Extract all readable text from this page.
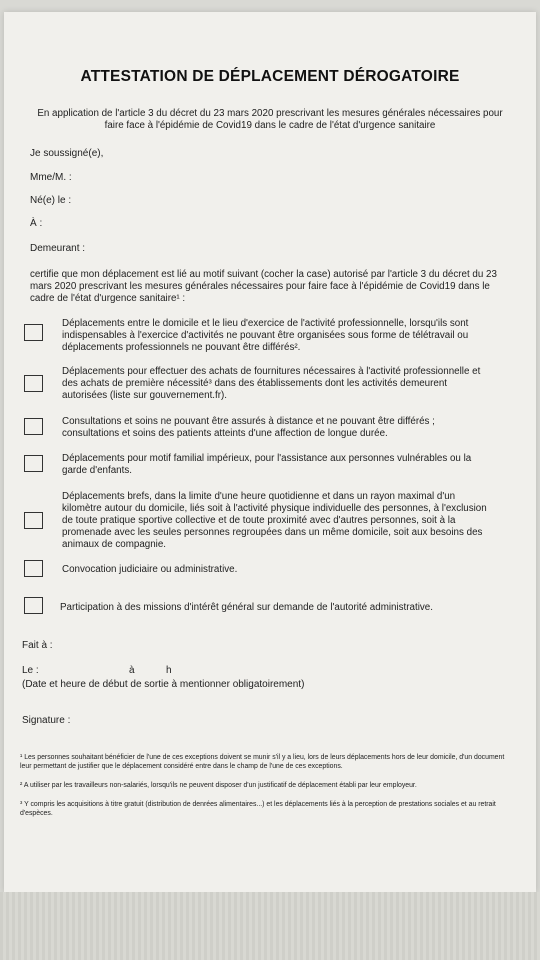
ATTESTATION DE DÉPLACEMENT DÉROGATOIRE
En application de l'article 3 du décret du 23 mars 2020 prescrivant les mesures générales nécessaires pour faire face à l'épidémie de Covid19 dans le cadre de l'état d'urgence sanitaire
Je soussigné(e),
Mme/M. :
Né(e) le :
À :
Demeurant :
certifie que mon déplacement est lié au motif suivant (cocher la case) autorisé par l'article 3 du décret du 23 mars 2020 prescrivant les mesures générales nécessaires pour faire face à l'épidémie de Covid19 dans le cadre de l'état d'urgence sanitaire¹ :
Déplacements entre le domicile et le lieu d'exercice de l'activité professionnelle, lorsqu'ils sont indispensables à l'exercice d'activités ne pouvant être organisées sous forme de télétravail ou déplacements professionnels ne pouvant être différés².
Déplacements pour effectuer des achats de fournitures nécessaires à l'activité professionnelle et des achats de première nécessité³ dans des établissements dont les activités demeurent autorisées (liste sur gouvernement.fr).
Consultations et soins ne pouvant être assurés à distance et ne pouvant être différés ; consultations et soins des patients atteints d'une affection de longue durée.
Déplacements pour motif familial impérieux, pour l'assistance aux personnes vulnérables ou la garde d'enfants.
Déplacements brefs, dans la limite d'une heure quotidienne et dans un rayon maximal d'un kilomètre autour du domicile, liés soit à l'activité physique individuelle des personnes, à l'exclusion de toute pratique sportive collective et de toute proximité avec d'autres personnes, soit à la promenade avec les seules personnes regroupées dans un même domicile, soit aux besoins des animaux de compagnie.
Convocation judiciaire ou administrative.
Participation à des missions d'intérêt général sur demande de l'autorité administrative.
Fait à :
Le :	à	h
(Date et heure de début de sortie à mentionner obligatoirement)
Signature :
¹ Les personnes souhaitant bénéficier de l'une de ces exceptions doivent se munir s'il y a lieu, lors de leurs déplacements hors de leur domicile, d'un document leur permettant de justifier que le déplacement considéré entre dans le champ de l'une de ces exceptions.
² A utiliser par les travailleurs non-salariés, lorsqu'ils ne peuvent disposer d'un justificatif de déplacement établi par leur employeur.
³ Y compris les acquisitions à titre gratuit (distribution de denrées alimentaires...) et les déplacements liés à la perception de prestations sociales et au retrait d'espèces.
